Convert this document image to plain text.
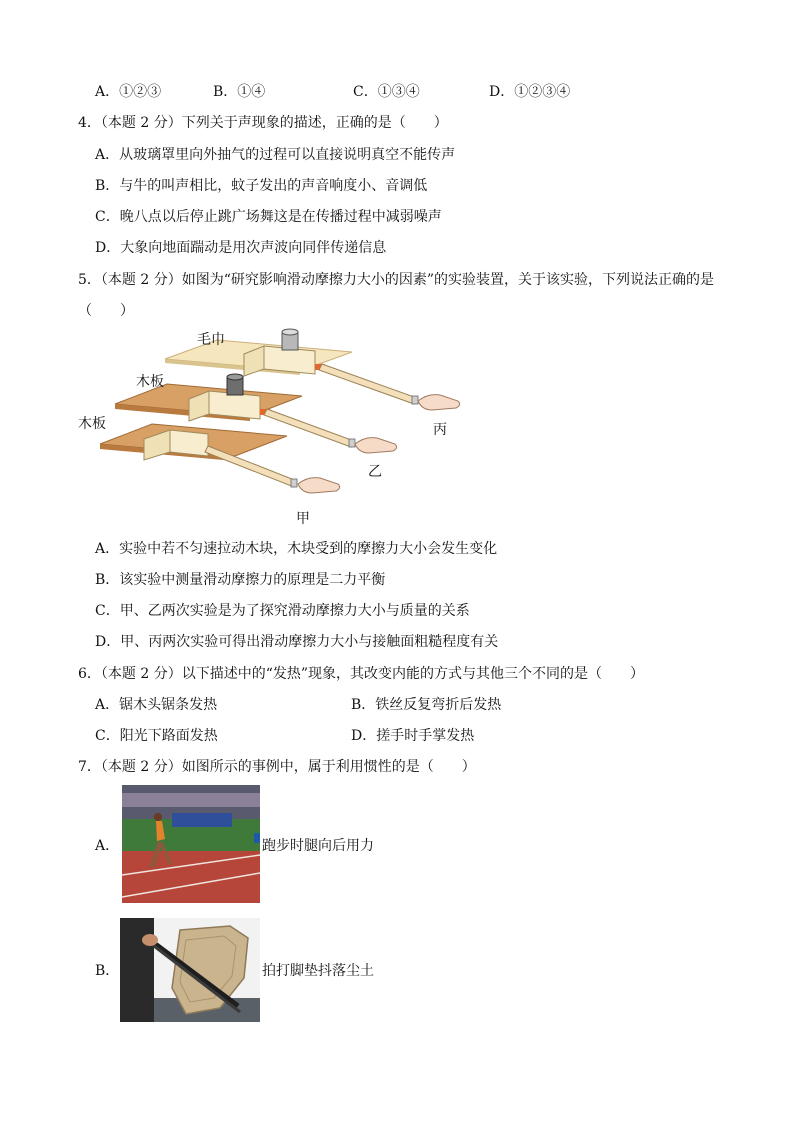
A．①②③	B．①④	C．①③④	D．①②③④
4．（本题 2 分）下列关于声现象的描述，正确的是（　　）
A．从玻璃罩里向外抽气的过程可以直接说明真空不能传声
B．与牛的叫声相比，蚊子发出的声音响度小、音调低
C．晚八点以后停止跳广场舞这是在传播过程中减弱噪声
D．大象向地面踹动是用次声波向同伴传递信息
5．（本题 2 分）如图为“研究影响滑动摩擦力大小的因素”的实验装置，关于该实验，下列说法正确的是
（　　）
毛巾
木板
木板	丙
乙
甲
A．实验中若不匀速拉动木块，木块受到的摩擦力大小会发生变化
B．该实验中测量滑动摩擦力的原理是二力平衡
C．甲、乙两次实验是为了探究滑动摩擦力大小与质量的关系
D．甲、丙两次实验可得出滑动摩擦力大小与接触面粗糙程度有关
6．（本题 2 分）以下描述中的“发热”现象，其改变内能的方式与其他三个不同的是（　　）
A．锯木头锯条发热	B．铁丝反复弯折后发热
C．阳光下路面发热	D．搓手时手掌发热
7．（本题 2 分）如图所示的事例中，属于利用惯性的是（　　）
A．	跑步时腿向后用力
B．	拍打脚垫抖落尘土
